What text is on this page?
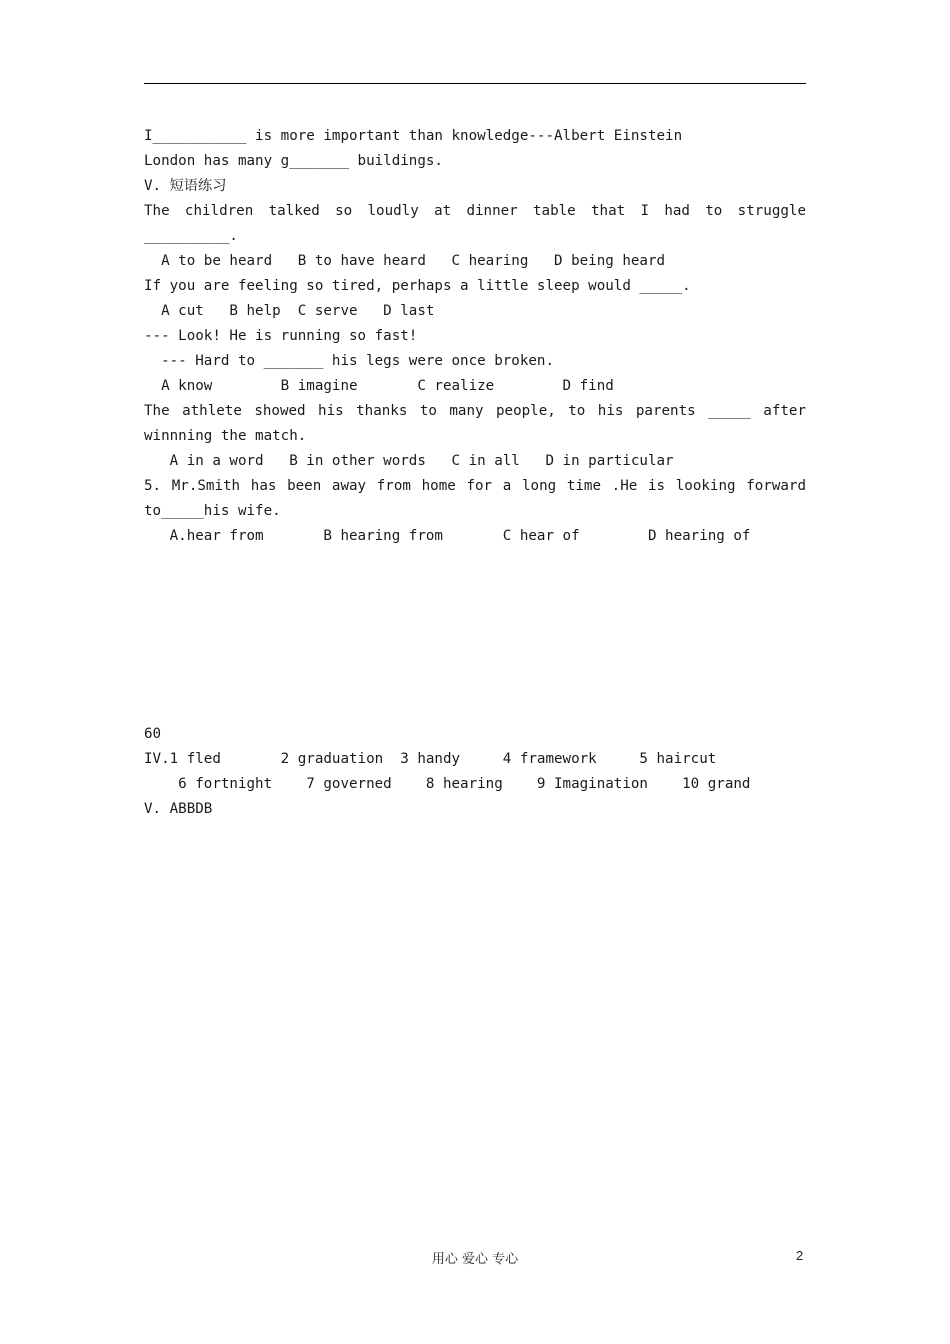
I___________ is more important than knowledge---Albert Einstein
London has many g_______ buildings.
V. 短语练习
The children talked so loudly at dinner table that I had to struggle
__________.
A to be heard   B to have heard   C hearing   D being heard
If you are feeling so tired, perhaps a little sleep would _____.
A cut   B help  C serve   D last
--- Look! He is running so fast!
--- Hard to _______ his legs were once broken.
A know        B imagine       C realize        D find
The athlete showed his thanks to many people, to his parents _____ after
winnning the match.
A in a word   B in other words   C in all   D in particular
5. Mr.Smith has been away from home for a long time .He is looking forward
to_____his wife.
A.hear from       B hearing from       C hear of        D hearing of
60
IV.1 fled       2 graduation  3 handy     4 framework     5 haircut
6 fortnight    7 governed    8 hearing    9 Imagination    10 grand
V. ABBDB
用心 爱心 专心	2
